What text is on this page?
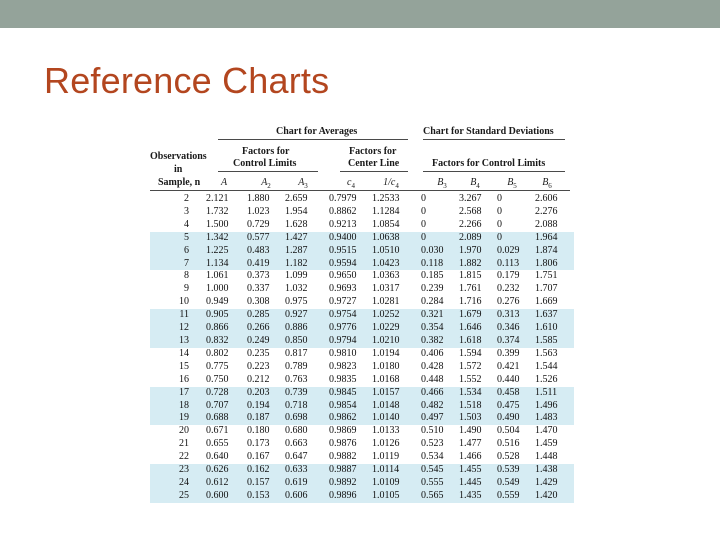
Reference Charts
Chart for Averages	Chart for Standard Deviations
Observations
in
Sample, n
Factors for
Control Limits
Factors for
Center Line	Factors for Control Limits
A	$A_2$	$A_3$	$c_4$	$1/c_4$	$B_3$	$B_4$	$B_5$	$B_6$
2	2.121	1.880	2.659	0.7979	1.2533	0	3.267	0	2.606
3	1.732	1.023	1.954	0.8862	1.1284	0	2.568	0	2.276
4	1.500	0.729	1.628	0.9213	1.0854	0	2.266	0	2.088
5	1.342	0.577	1.427	0.9400	1.0638	0	2.089	0	1.964
6	1.225	0.483	1.287	0.9515	1.0510	0.030	1.970	0.029	1.874
7	1.134	0.419	1.182	0.9594	1.0423	0.118	1.882	0.113	1.806
8	1.061	0.373	1.099	0.9650	1.0363	0.185	1.815	0.179	1.751
9	1.000	0.337	1.032	0.9693	1.0317	0.239	1.761	0.232	1.707
10	0.949	0.308	0.975	0.9727	1.0281	0.284	1.716	0.276	1.669
11	0.905	0.285	0.927	0.9754	1.0252	0.321	1.679	0.313	1.637
12	0.866	0.266	0.886	0.9776	1.0229	0.354	1.646	0.346	1.610
13	0.832	0.249	0.850	0.9794	1.0210	0.382	1.618	0.374	1.585
14	0.802	0.235	0.817	0.9810	1.0194	0.406	1.594	0.399	1.563
15	0.775	0.223	0.789	0.9823	1.0180	0.428	1.572	0.421	1.544
16	0.750	0.212	0.763	0.9835	1.0168	0.448	1.552	0.440	1.526
17	0.728	0.203	0.739	0.9845	1.0157	0.466	1.534	0.458	1.511
18	0.707	0.194	0.718	0.9854	1.0148	0.482	1.518	0.475	1.496
19	0.688	0.187	0.698	0.9862	1.0140	0.497	1.503	0.490	1.483
20	0.671	0.180	0.680	0.9869	1.0133	0.510	1.490	0.504	1.470
21	0.655	0.173	0.663	0.9876	1.0126	0.523	1.477	0.516	1.459
22	0.640	0.167	0.647	0.9882	1.0119	0.534	1.466	0.528	1.448
23	0.626	0.162	0.633	0.9887	1.0114	0.545	1.455	0.539	1.438
24	0.612	0.157	0.619	0.9892	1.0109	0.555	1.445	0.549	1.429
25	0.600	0.153	0.606	0.9896	1.0105	0.565	1.435	0.559	1.420
